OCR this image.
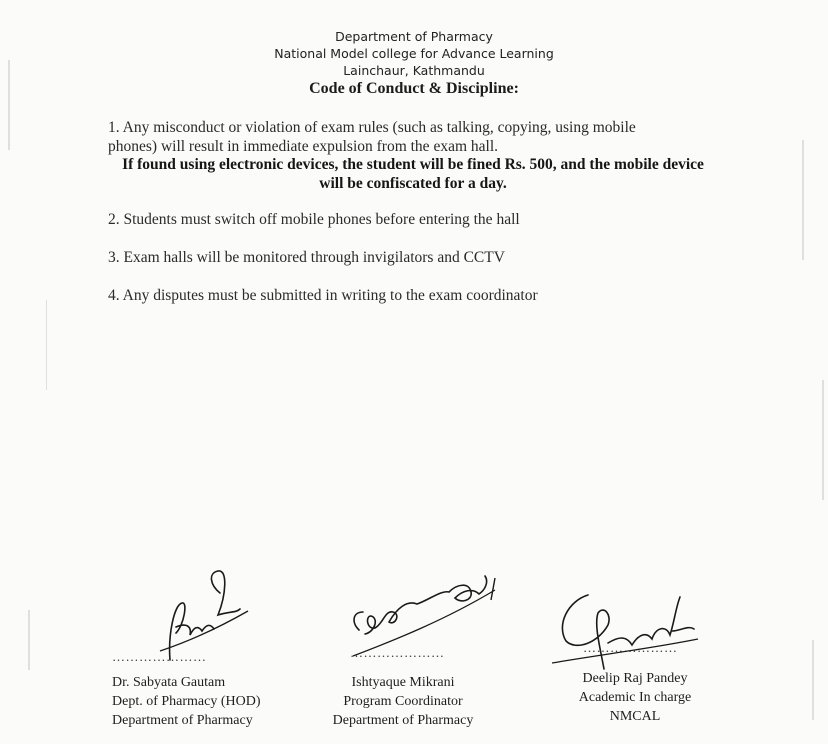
Department of Pharmacy
National Model college for Advance Learning
Lainchaur, Kathmandu
Code of Conduct & Discipline:
1. Any misconduct or violation of exam rules (such as talking, copying, using mobile phones) will result in immediate expulsion from the exam hall.
If found using electronic devices, the student will be fined Rs. 500, and the mobile device will be confiscated for a day.
2. Students must switch off mobile phones before entering the hall
3. Exam halls will be monitored through invigilators and CCTV
4. Any disputes must be submitted in writing to the exam coordinator
…………………	…………………	…………………
Dr. Sabyata Gautam
Dept. of Pharmacy (HOD)
Department of Pharmacy
Ishtyaque Mikrani
Program Coordinator
Department of Pharmacy
Deelip Raj Pandey
Academic In charge
NMCAL
